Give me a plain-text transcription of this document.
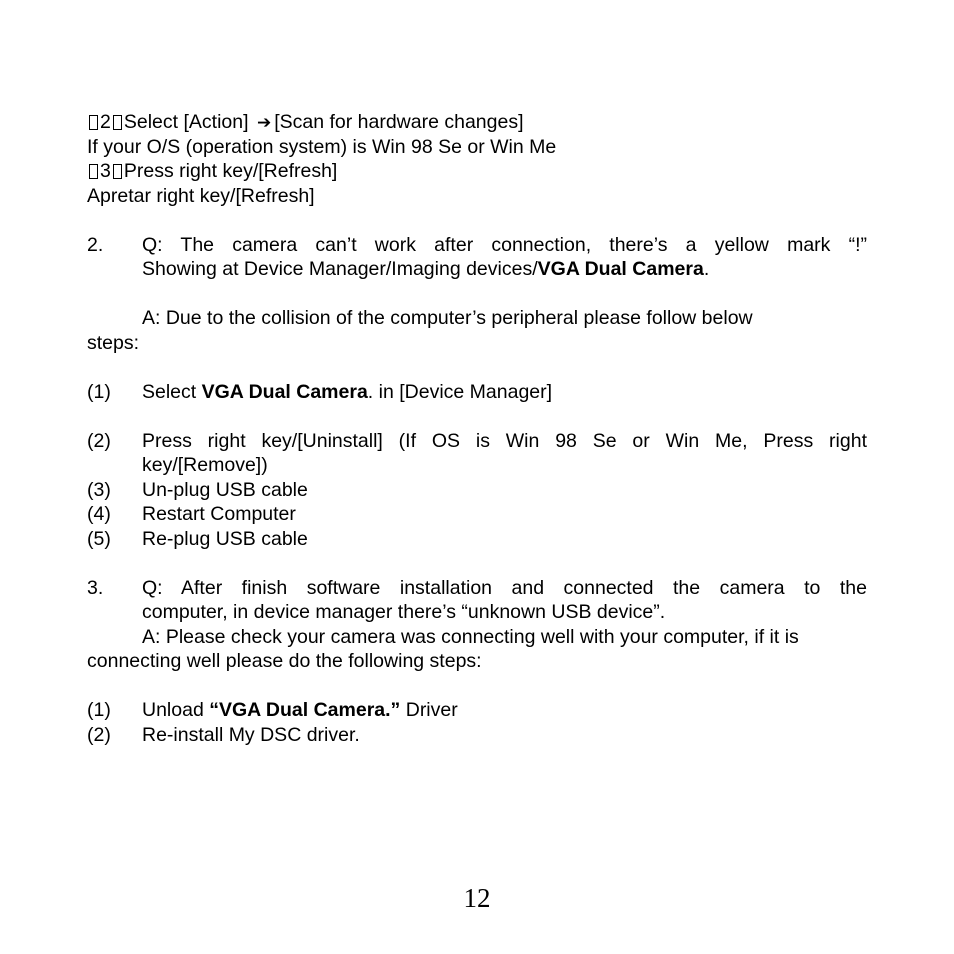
2 Select [Action] ➔ [Scan for hardware changes]
If your O/S (operation system) is Win 98 Se or Win Me
3 Press right key/[Refresh]
Apretar right key/[Refresh]
2. Q: The camera can’t work after connection, there’s a yellow mark “!”
Showing at Device Manager/Imaging devices/VGA Dual Camera.
A: Due to the collision of the computer’s peripheral please follow below
steps:
(1) Select VGA Dual Camera. in [Device Manager]
(2) Press right key/[Uninstall] (If OS is Win 98 Se or Win Me, Press right
key/[Remove])
(3) Un-plug USB cable
(4) Restart Computer
(5) Re-plug USB cable
3. Q: After finish software installation and connected the camera to the
computer, in device manager there’s “unknown USB device”.
A: Please check your camera was connecting well with your computer, if it is
connecting well please do the following steps:
(1) Unload “VGA Dual Camera.” Driver
(2) Re-install My DSC driver.
12
